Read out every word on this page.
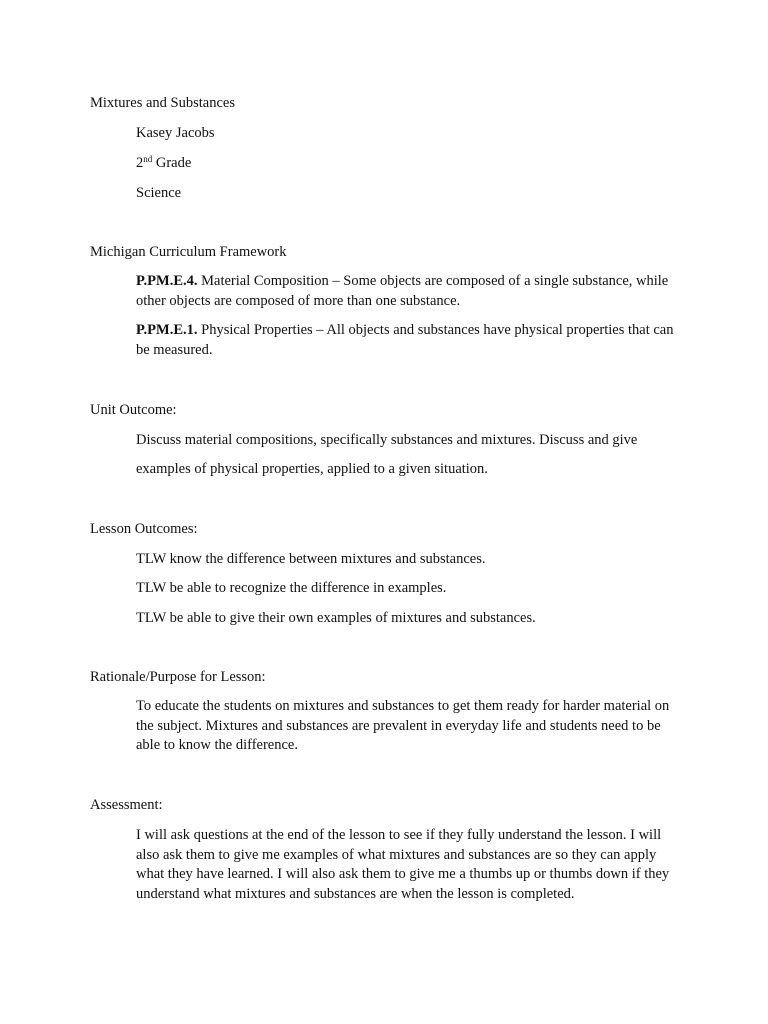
Mixtures and Substances
Kasey Jacobs
2nd Grade
Science
Michigan Curriculum Framework
P.PM.E.4. Material Composition – Some objects are composed of a single substance, while other objects are composed of more than one substance.
P.PM.E.1. Physical Properties – All objects and substances have physical properties that can be measured.
Unit Outcome:
Discuss material compositions, specifically substances and mixtures. Discuss and give
examples of physical properties, applied to a given situation.
Lesson Outcomes:
TLW know the difference between mixtures and substances.
TLW be able to recognize the difference in examples.
TLW be able to give their own examples of mixtures and substances.
Rationale/Purpose for Lesson:
To educate the students on mixtures and substances to get them ready for harder material on the subject. Mixtures and substances are prevalent in everyday life and students need to be able to know the difference.
Assessment:
I will ask questions at the end of the lesson to see if they fully understand the lesson. I will also ask them to give me examples of what mixtures and substances are so they can apply what they have learned. I will also ask them to give me a thumbs up or thumbs down if they understand what mixtures and substances are when the lesson is completed.
